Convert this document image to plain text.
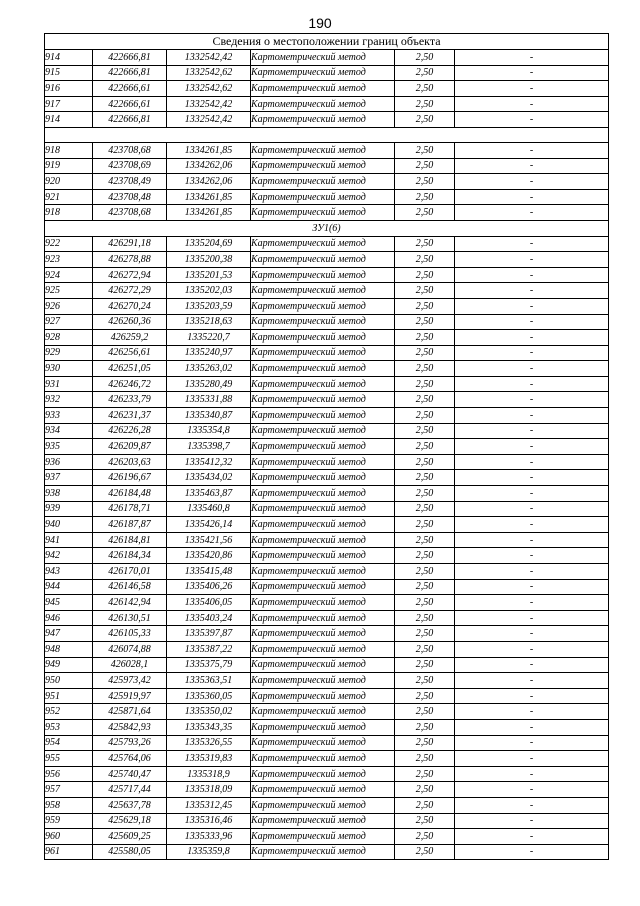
190
Сведения о местоположении границ объекта					
914	422666,81	1332542,42	Картометрический метод	2,50	-
915	422666,81	1332542,62	Картометрический метод	2,50	-
916	422666,61	1332542,62	Картометрический метод	2,50	-
917	422666,61	1332542,42	Картометрический метод	2,50	-
914	422666,81	1332542,42	Картометрический метод	2,50	-

918	423708,68	1334261,85	Картометрический метод	2,50	-
919	423708,69	1334262,06	Картометрический метод	2,50	-
920	423708,49	1334262,06	Картометрический метод	2,50	-
921	423708,48	1334261,85	Картометрический метод	2,50	-
918	423708,68	1334261,85	Картометрический метод	2,50	-
ЗУ1(6)					
922	426291,18	1335204,69	Картометрический метод	2,50	-
923	426278,88	1335200,38	Картометрический метод	2,50	-
924	426272,94	1335201,53	Картометрический метод	2,50	-
925	426272,29	1335202,03	Картометрический метод	2,50	-
926	426270,24	1335203,59	Картометрический метод	2,50	-
927	426260,36	1335218,63	Картометрический метод	2,50	-
928	426259,2	1335220,7	Картометрический метод	2,50	-
929	426256,61	1335240,97	Картометрический метод	2,50	-
930	426251,05	1335263,02	Картометрический метод	2,50	-
931	426246,72	1335280,49	Картометрический метод	2,50	-
932	426233,79	1335331,88	Картометрический метод	2,50	-
933	426231,37	1335340,87	Картометрический метод	2,50	-
934	426226,28	1335354,8	Картометрический метод	2,50	-
935	426209,87	1335398,7	Картометрический метод	2,50	-
936	426203,63	1335412,32	Картометрический метод	2,50	-
937	426196,67	1335434,02	Картометрический метод	2,50	-
938	426184,48	1335463,87	Картометрический метод	2,50	-
939	426178,71	1335460,8	Картометрический метод	2,50	-
940	426187,87	1335426,14	Картометрический метод	2,50	-
941	426184,81	1335421,56	Картометрический метод	2,50	-
942	426184,34	1335420,86	Картометрический метод	2,50	-
943	426170,01	1335415,48	Картометрический метод	2,50	-
944	426146,58	1335406,26	Картометрический метод	2,50	-
945	426142,94	1335406,05	Картометрический метод	2,50	-
946	426130,51	1335403,24	Картометрический метод	2,50	-
947	426105,33	1335397,87	Картометрический метод	2,50	-
948	426074,88	1335387,22	Картометрический метод	2,50	-
949	426028,1	1335375,79	Картометрический метод	2,50	-
950	425973,42	1335363,51	Картометрический метод	2,50	-
951	425919,97	1335360,05	Картометрический метод	2,50	-
952	425871,64	1335350,02	Картометрический метод	2,50	-
953	425842,93	1335343,35	Картометрический метод	2,50	-
954	425793,26	1335326,55	Картометрический метод	2,50	-
955	425764,06	1335319,83	Картометрический метод	2,50	-
956	425740,47	1335318,9	Картометрический метод	2,50	-
957	425717,44	1335318,09	Картометрический метод	2,50	-
958	425637,78	1335312,45	Картометрический метод	2,50	-
959	425629,18	1335316,46	Картометрический метод	2,50	-
960	425609,25	1335333,96	Картометрический метод	2,50	-
961	425580,05	1335359,8	Картометрический метод	2,50	-
